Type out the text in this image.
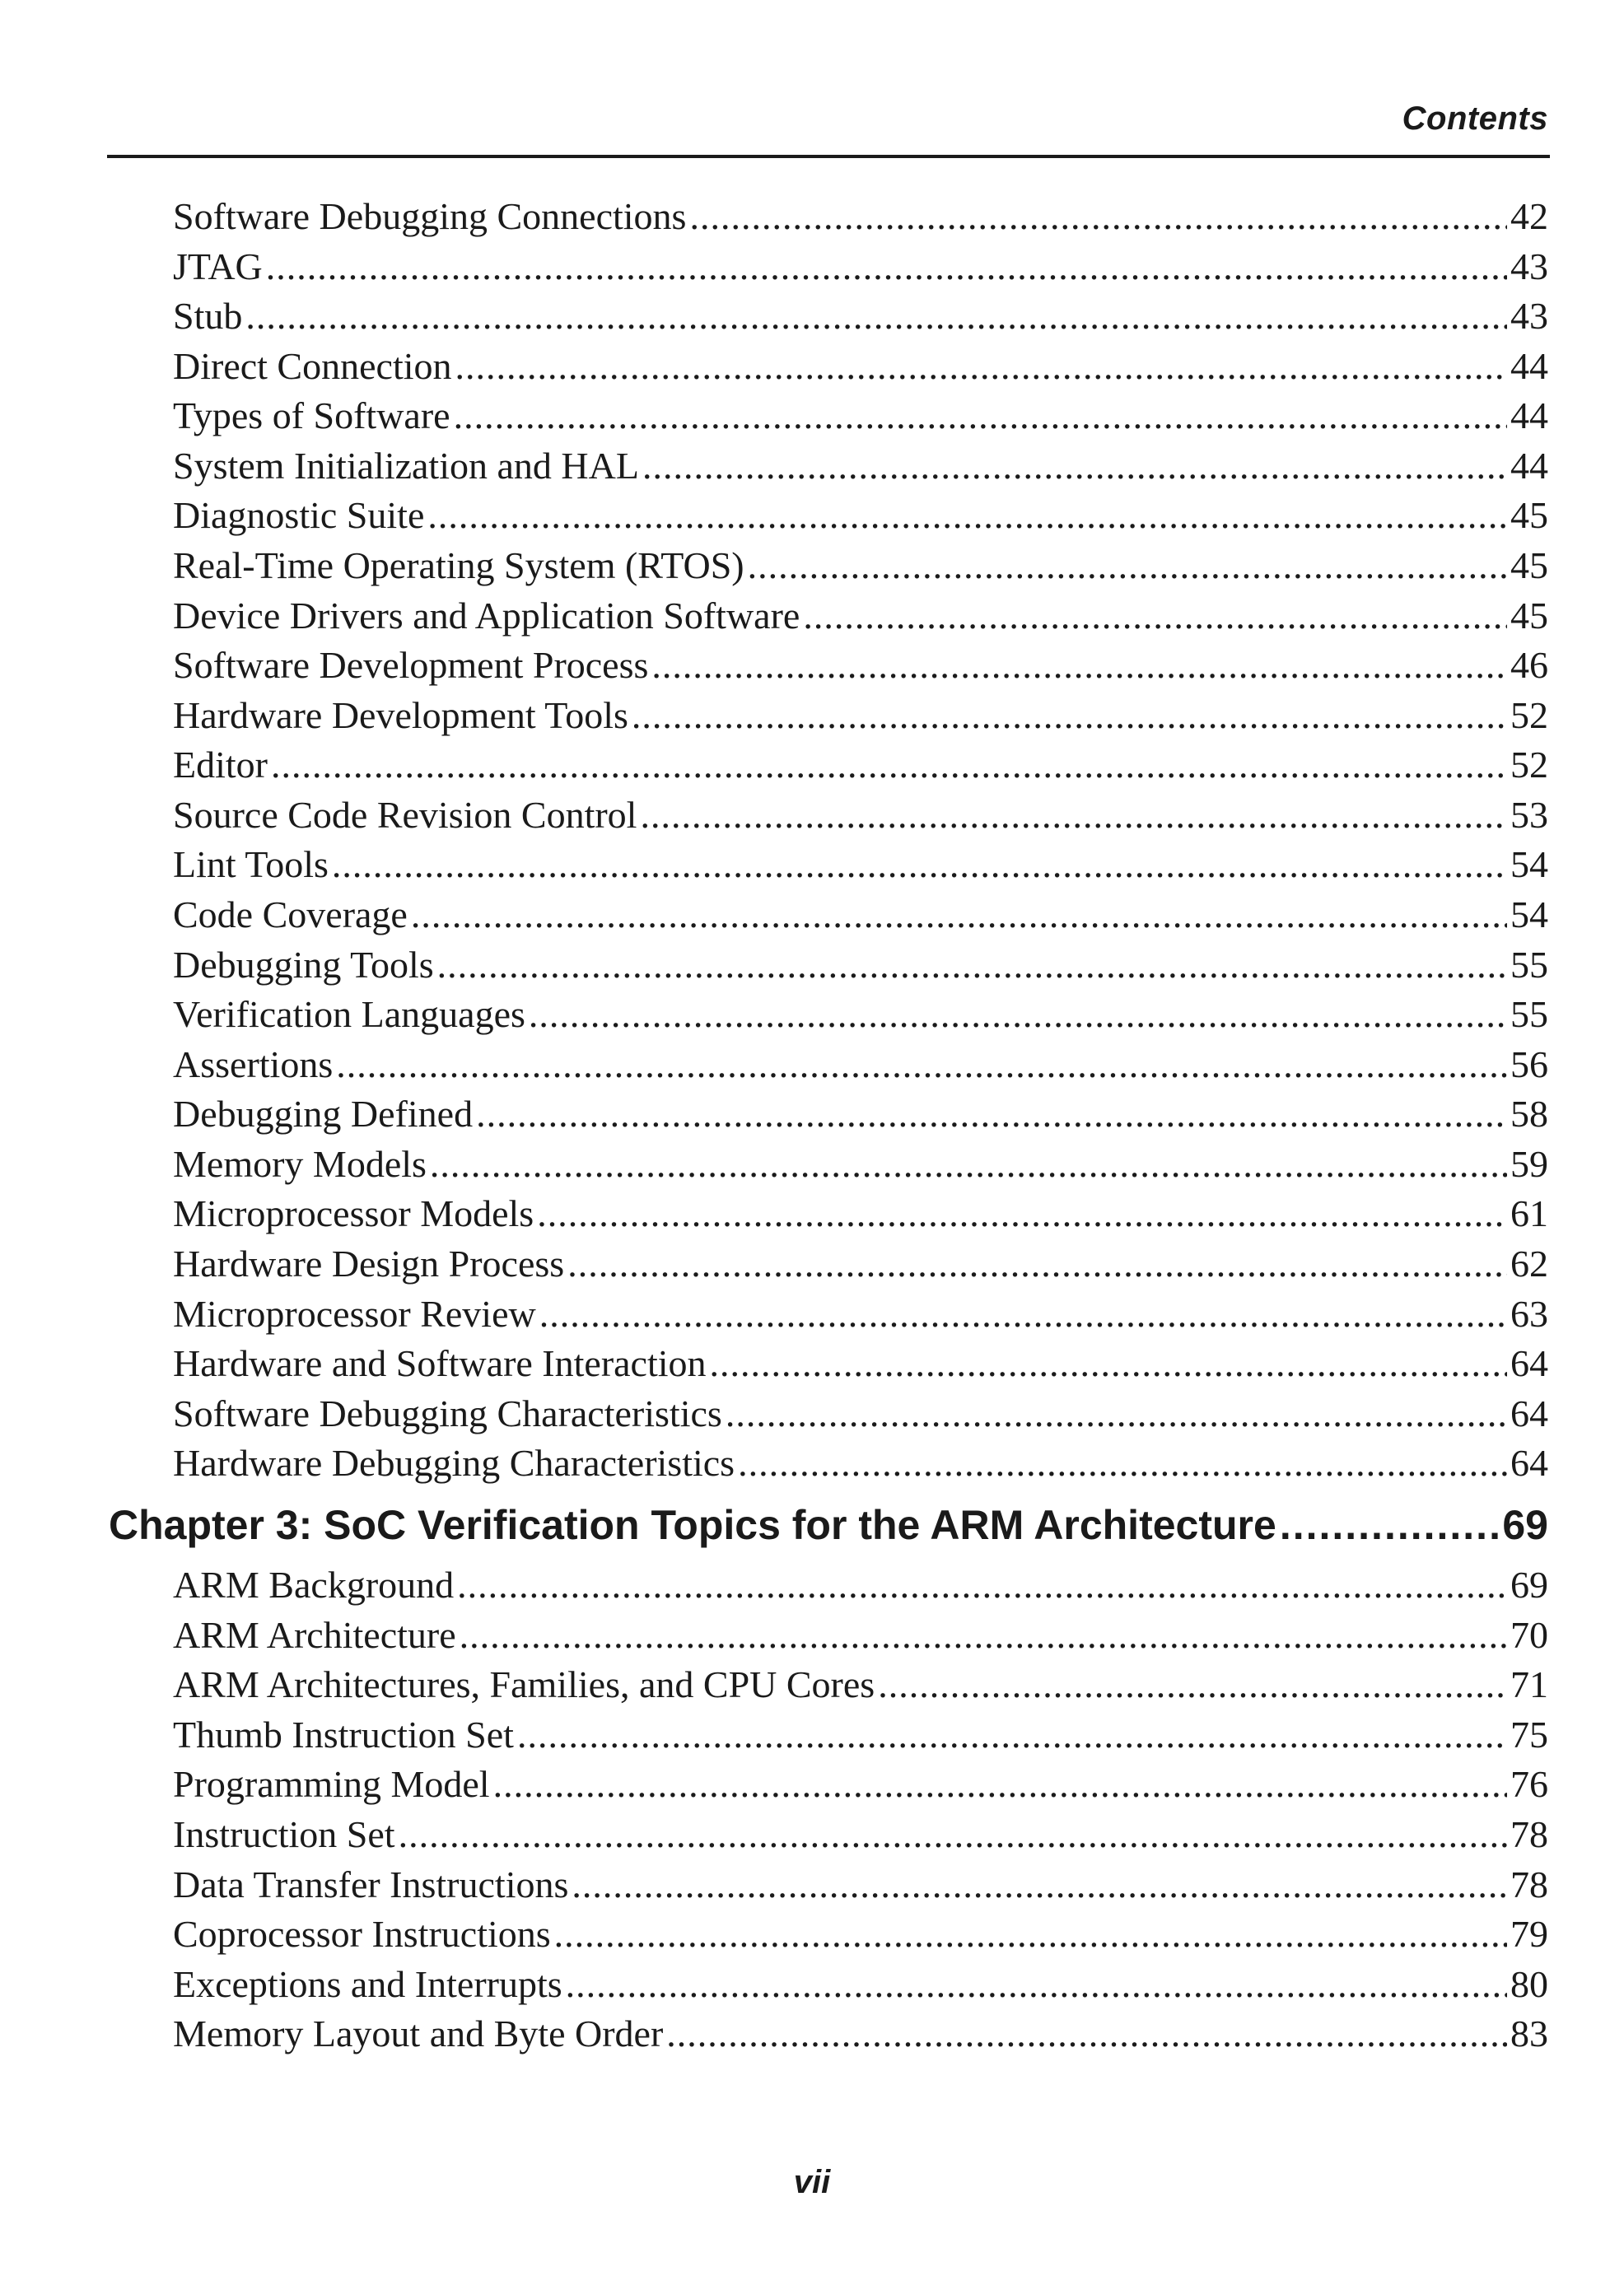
Contents
Software Debugging Connections .....	42
JTAG .....	43
Stub .....	43
Direct Connection .....	44
Types of Software .....	44
System Initialization and HAL .....	44
Diagnostic Suite .....	45
Real-Time Operating System (RTOS) .....	45
Device Drivers and Application Software .....	45
Software Development Process .....	46
Hardware Development Tools .....	52
Editor .....	52
Source Code Revision Control .....	53
Lint Tools .....	54
Code Coverage .....	54
Debugging Tools .....	55
Verification Languages .....	55
Assertions .....	56
Debugging Defined .....	58
Memory Models .....	59
Microprocessor Models .....	61
Hardware Design Process .....	62
Microprocessor Review .....	63
Hardware and Software Interaction .....	64
Software Debugging Characteristics .....	64
Hardware Debugging Characteristics .....	64
Chapter 3: SoC Verification Topics for the ARM Architecture .....	69
ARM Background .....	69
ARM Architecture .....	70
ARM Architectures, Families, and CPU Cores .....	71
Thumb Instruction Set .....	75
Programming Model .....	76
Instruction Set .....	78
Data Transfer Instructions .....	78
Coprocessor Instructions .....	79
Exceptions and Interrupts .....	80
Memory Layout and Byte Order .....	83
vii
